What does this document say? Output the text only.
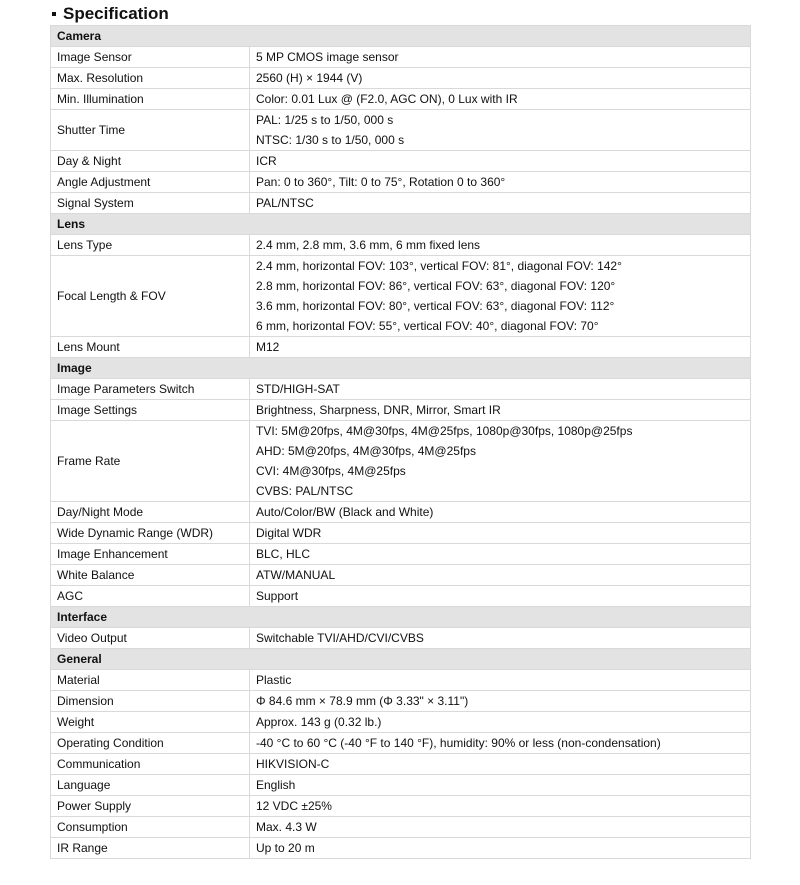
Specification
Camera	
Image Sensor	5 MP CMOS image sensor

Max. Resolution	2560 (H) × 1944 (V)

Min. Illumination	Color: 0.01 Lux @ (F2.0, AGC ON), 0 Lux with IR

Shutter Time	PAL: 1/25 s to 1/50, 000 s
NTSC: 1/30 s to 1/50, 000 s

Day & Night	ICR

Angle Adjustment	Pan: 0 to 360°, Tilt: 0 to 75°, Rotation 0 to 360°

Signal System	PAL/NTSC

Lens	
Lens Type	2.4 mm, 2.8 mm, 3.6 mm, 6 mm fixed lens

Focal Length & FOV	2.4 mm, horizontal FOV: 103°, vertical FOV: 81°, diagonal FOV: 142°
2.8 mm, horizontal FOV: 86°, vertical FOV: 63°, diagonal FOV: 120°
3.6 mm, horizontal FOV: 80°, vertical FOV: 63°, diagonal FOV: 112°
6 mm, horizontal FOV: 55°, vertical FOV: 40°, diagonal FOV: 70°

Lens Mount	M12

Image	
Image Parameters Switch	STD/HIGH-SAT

Image Settings	Brightness, Sharpness, DNR, Mirror, Smart IR

Frame Rate	TVI: 5M@20fps, 4M@30fps, 4M@25fps, 1080p@30fps, 1080p@25fps
AHD: 5M@20fps, 4M@30fps, 4M@25fps
CVI: 4M@30fps, 4M@25fps
CVBS: PAL/NTSC

Day/Night Mode	Auto/Color/BW (Black and White)

Wide Dynamic Range (WDR)	Digital WDR

Image Enhancement	BLC, HLC

White Balance	ATW/MANUAL

AGC	Support

Interface	
Video Output	Switchable TVI/AHD/CVI/CVBS

General	
Material	Plastic

Dimension	Φ 84.6 mm × 78.9 mm (Φ 3.33" × 3.11")

Weight	Approx. 143 g (0.32 lb.)

Operating Condition	-40 °C to 60 °C (-40 °F to 140 °F), humidity: 90% or less (non-condensation)

Communication	HIKVISION-C

Language	English

Power Supply	12 VDC ±25%

Consumption	Max. 4.3 W

IR Range	Up to 20 m
